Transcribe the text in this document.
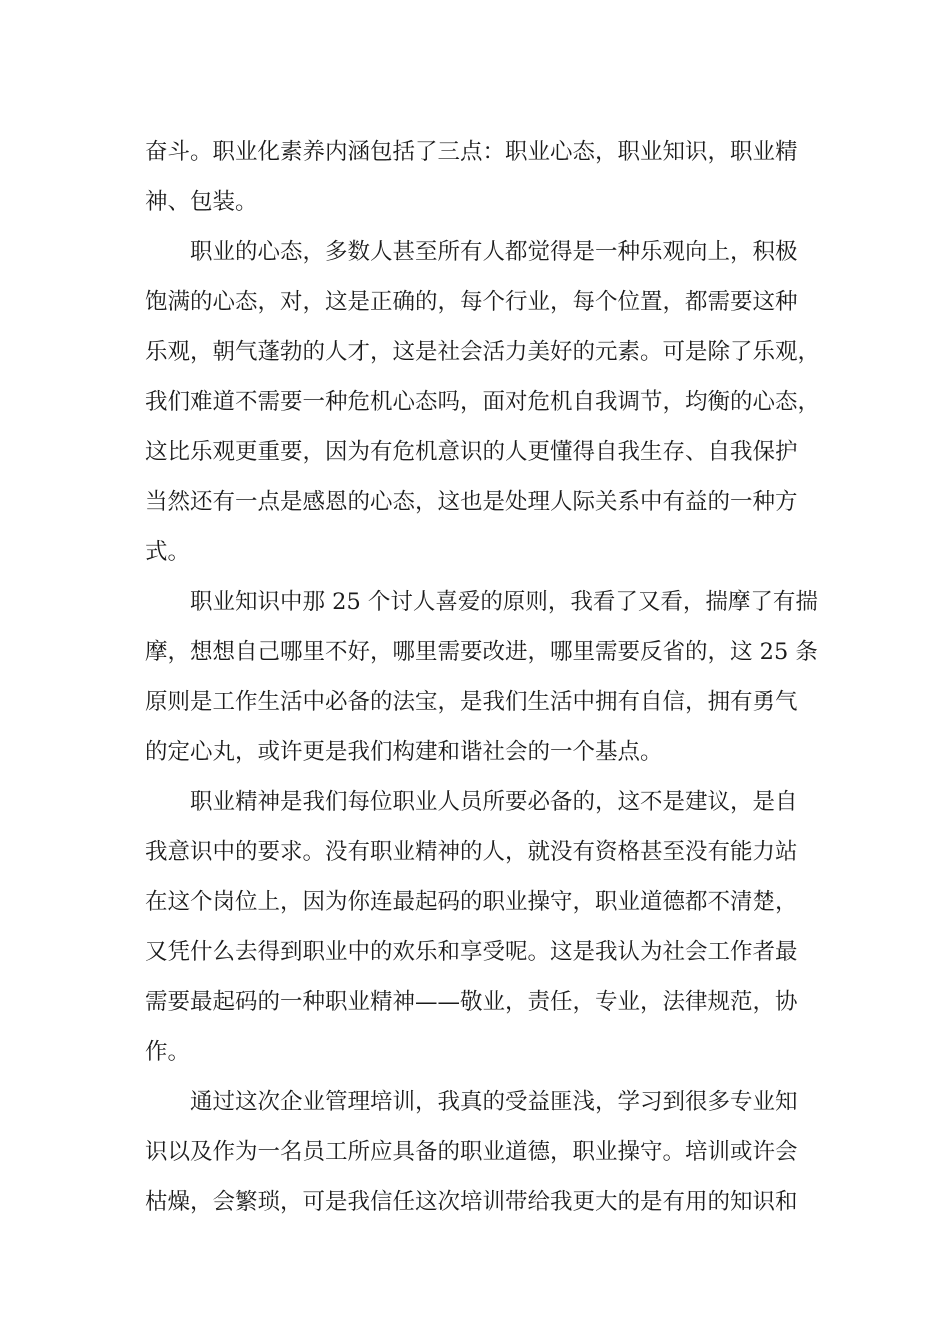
奋斗。职业化素养内涵包括了三点：职业心态，职业知识，职业精
神、包装。
职业的心态，多数人甚至所有人都觉得是一种乐观向上，积极
饱满的心态，对，这是正确的，每个行业，每个位置，都需要这种
乐观，朝气蓬勃的人才，这是社会活力美好的元素。可是除了乐观，
我们难道不需要一种危机心态吗，面对危机自我调节，均衡的心态，
这比乐观更重要，因为有危机意识的人更懂得自我生存、自我保护
当然还有一点是感恩的心态，这也是处理人际关系中有益的一种方
式。
职业知识中那 25 个讨人喜爱的原则，我看了又看，揣摩了有揣
摩，想想自己哪里不好，哪里需要改进，哪里需要反省的，这 25 条
原则是工作生活中必备的法宝，是我们生活中拥有自信，拥有勇气
的定心丸，或许更是我们构建和谐社会的一个基点。
职业精神是我们每位职业人员所要必备的，这不是建议，是自
我意识中的要求。没有职业精神的人，就没有资格甚至没有能力站
在这个岗位上，因为你连最起码的职业操守，职业道德都不清楚，
又凭什么去得到职业中的欢乐和享受呢。这是我认为社会工作者最
需要最起码的一种职业精神——敬业，责任，专业，法律规范，协
作。
通过这次企业管理培训，我真的受益匪浅，学习到很多专业知
识以及作为一名员工所应具备的职业道德，职业操守。培训或许会
枯燥，会繁琐，可是我信任这次培训带给我更大的是有用的知识和
